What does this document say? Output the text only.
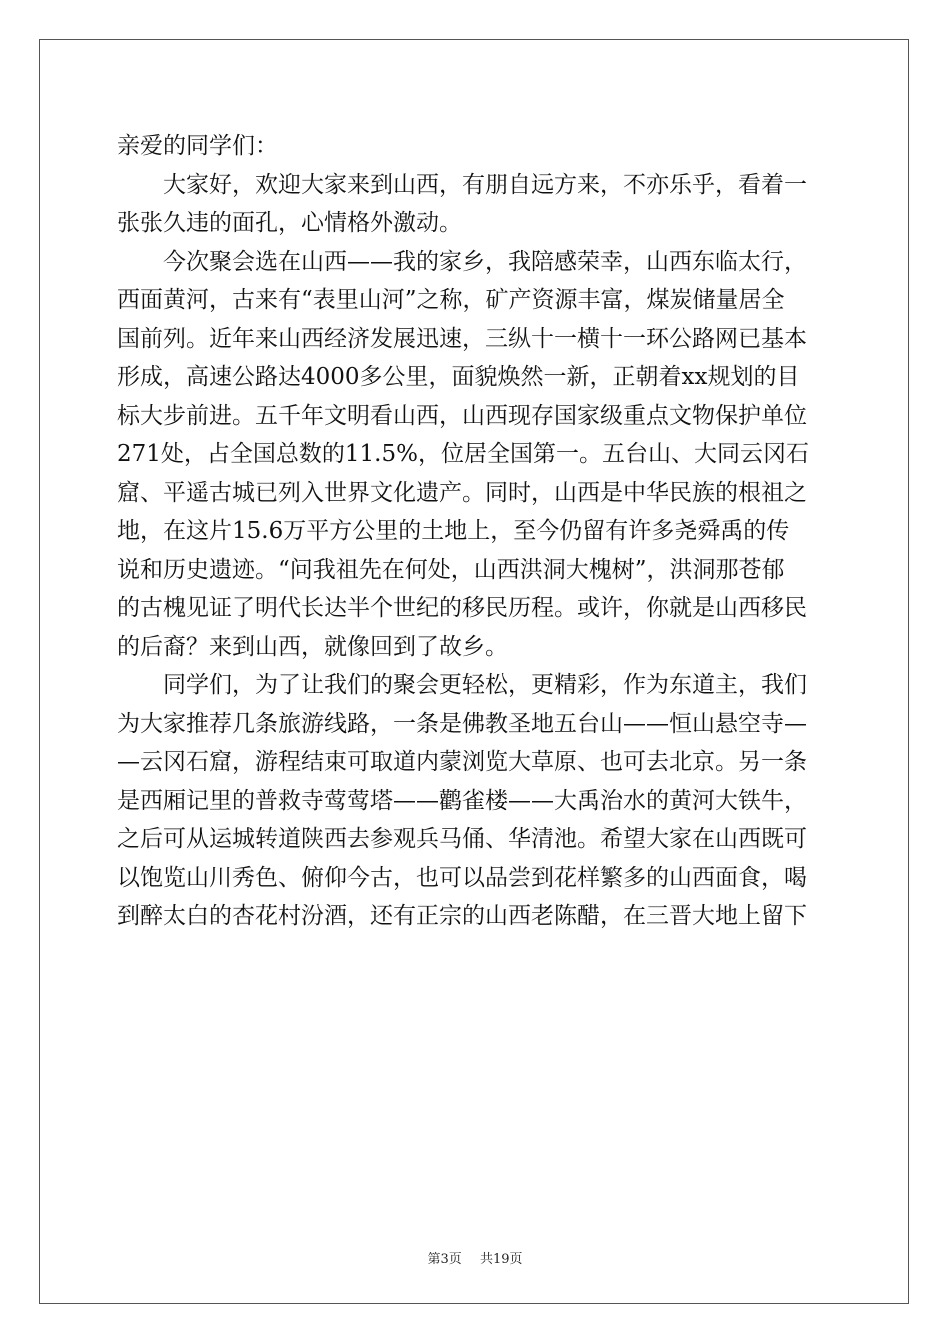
亲爱的同学们：
　　大家好，欢迎大家来到山西，有朋自远方来，不亦乐乎，看着一
张张久违的面孔，心情格外激动。
　　今次聚会选在山西——我的家乡，我陪感荣幸，山西东临太行，
西面黄河，古来有“表里山河”之称，矿产资源丰富，煤炭储量居全
国前列。近年来山西经济发展迅速，三纵十一横十一环公路网已基本
形成，高速公路达4000多公里，面貌焕然一新，正朝着xx规划的目
标大步前进。五千年文明看山西，山西现存国家级重点文物保护单位
271处，占全国总数的11.5%，位居全国第一。五台山、大同云冈石
窟、平遥古城已列入世界文化遗产。同时，山西是中华民族的根祖之
地，在这片15.6万平方公里的土地上，至今仍留有许多尧舜禹的传
说和历史遗迹。“问我祖先在何处，山西洪洞大槐树”，洪洞那苍郁
的古槐见证了明代长达半个世纪的移民历程。或许，你就是山西移民
的后裔？来到山西，就像回到了故乡。
　　同学们，为了让我们的聚会更轻松，更精彩，作为东道主，我们
为大家推荐几条旅游线路，一条是佛教圣地五台山——恒山悬空寺—
—云冈石窟，游程结束可取道内蒙浏览大草原、也可去北京。另一条
是西厢记里的普救寺莺莺塔——鹳雀楼——大禹治水的黄河大铁牛，
之后可从运城转道陕西去参观兵马俑、华清池。希望大家在山西既可
以饱览山川秀色、俯仰今古，也可以品尝到花样繁多的山西面食，喝
到醉太白的杏花村汾酒，还有正宗的山西老陈醋，在三晋大地上留下
第3页 共19页
